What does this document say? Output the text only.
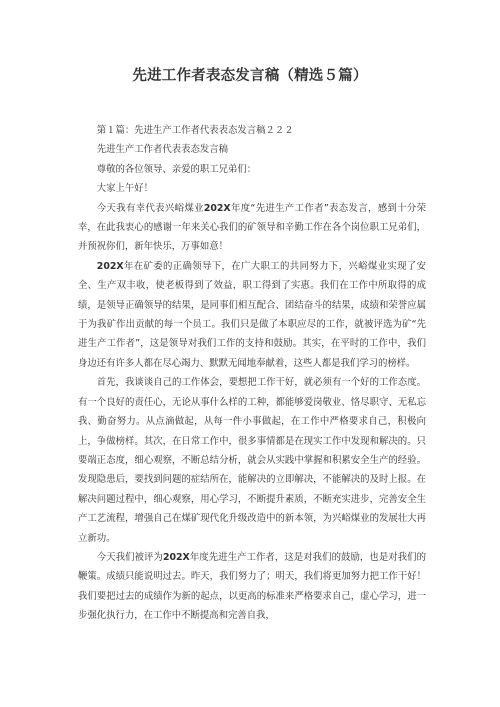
先进工作者表态发言稿（精选５篇）

第１篇：先进生产工作者代表表态发言稿２２２

先进生产工作者代表表态发言稿

尊敬的各位领导、亲爱的职工兄弟们：

大家上午好！

今天我有幸代表兴峪煤业202X年度“先进生产工作者”表态发言，感到十分荣幸，在此我衷心的感谢一年来关心我们的矿领导和辛勤工作在各个岗位职工兄弟们，并预祝你们，新年快乐，万事如意！

202X年在矿委的正确领导下，在广大职工的共同努力下，兴峪煤业实现了安全、生产双丰收，使老板得到了效益，职工得到了实惠。我们在工作中所取得的成绩，是领导正确领导的结果，是同事们相互配合、团结奋斗的结果，成绩和荣誉应属于为我矿作出贡献的每一个员工。我们只是做了本职应尽的工作，就被评选为矿“先进生产工作者”，这是领导对我们工作的支持和鼓励。其实，在平时的工作中，我们身边还有许多人都在尽心竭力、默默无闻地奉献着，这些人都是我们学习的榜样。

首先，我谈谈自己的工作体会，要想把工作干好，就必须有一个好的工作态度。有一个良好的责任心，无论从事什么样的工种，都能够爱岗敬业、恪尽职守、无私忘我、勤奋努力。从点滴做起，从每一件小事做起，在工作中严格要求自己，积极向上，争做榜样。其次，在日常工作中，很多事情都是在现实工作中发现和解决的。只要端正态度，细心观察，不断总结分析，就会从实践中掌握和积累安全生产的经验。发现隐患后，要找到问题的症结所在，能解决的立即解决，不能解决的及时上报。在解决问题过程中，细心观察，用心学习，不断提升素质，不断充实进步，完善安全生产工艺流程，增强自己在煤矿现代化升级改造中的新本领，为兴峪煤业的发展壮大再立新功。

今天我们被评为202X年度先进生产工作者，这是对我们的鼓励，也是对我们的鞭策。成绩只能说明过去。昨天，我们努力了；明天，我们将更加努力把工作干好！我们要把过去的成绩作为新的起点，以更高的标准来严格要求自己，虚心学习，进一步强化执行力，在工作中不断提高和完善自我，
